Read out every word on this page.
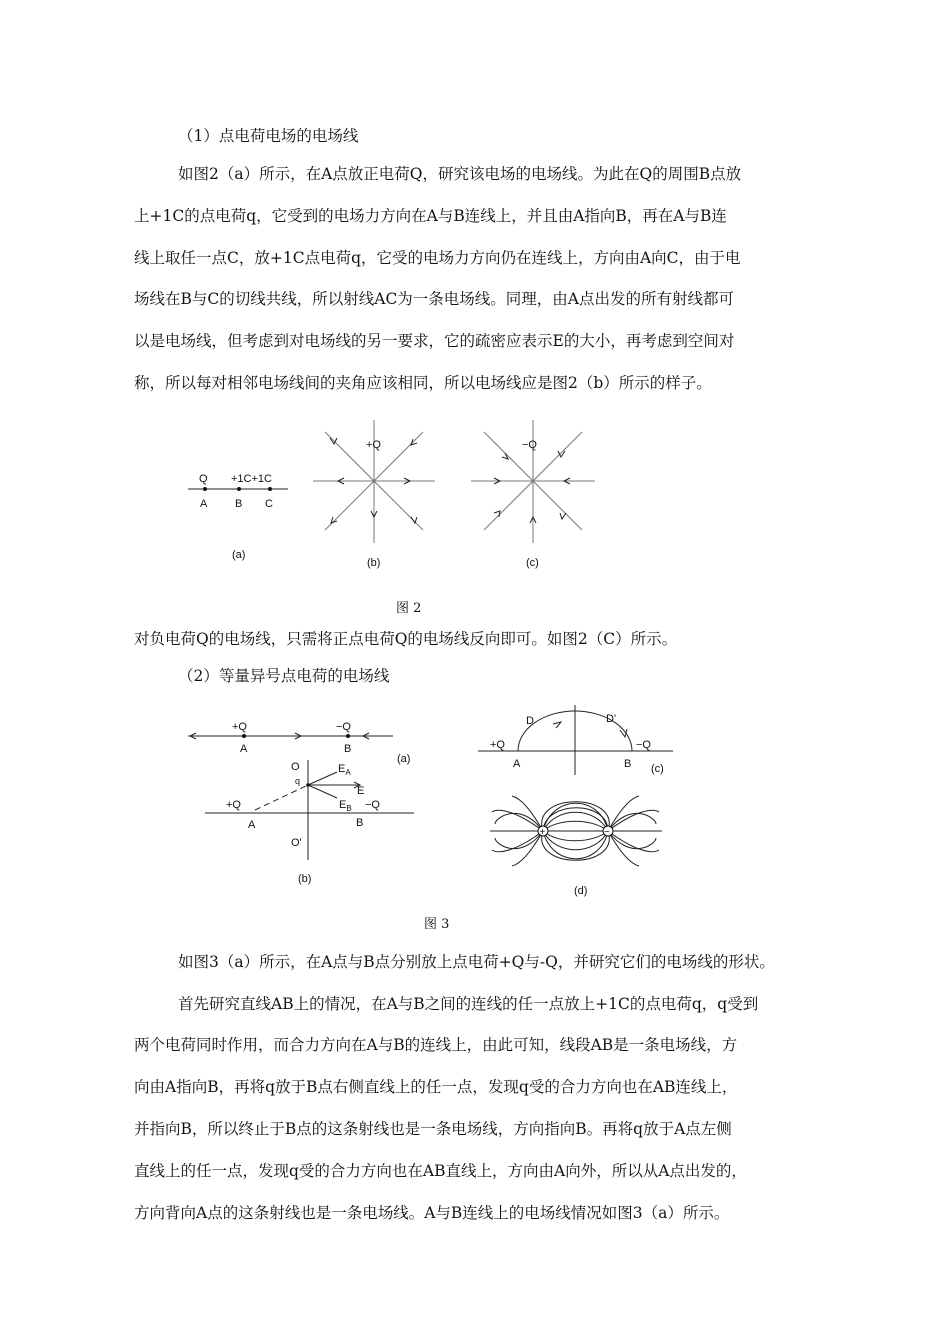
（1）点电荷电场的电场线
如图2（a）所示，在A点放正电荷Q，研究该电场的电场线。为此在Q的周围B点放
上+1C的点电荷q，它受到的电场力方向在A与B连线上，并且由A指向B，再在A与B连
线上取任一点C，放+1C点电荷q，它受的电场力方向仍在连线上，方向由A向C，由于电
场线在B与C的切线共线，所以射线AC为一条电场线。同理，由A点出发的所有射线都可
以是电场线，但考虑到对电场线的另一要求，它的疏密应表示E的大小，再考虑到空间对
称，所以每对相邻电场线间的夹角应该相同，所以电场线应是图2（b）所示的样子。
Q +1C+1C
A	B C
(a)
+Q
(b)
−Q
(c)
图 2
对负电荷Q的电场线，只需将正点电荷Q的电场线反向即可。如图2（C）所示。
（2）等量异号点电荷的电场线
+Q	−Q
A	B
(a)
O
q
$E_A$
E
$E_B -Q$
+Q
A	B
O'
(b)
D	D'
+Q	−Q
A	B (c)
+	−
(d)
图 3
如图3（a）所示，在A点与B点分别放上点电荷+Q与-Q，并研究它们的电场线的形状。
首先研究直线AB上的情况，在A与B之间的连线的任一点放上+1C的点电荷q，q受到
两个电荷同时作用，而合力方向在A与B的连线上，由此可知，线段AB是一条电场线，方
向由A指向B，再将q放于B点右侧直线上的任一点，发现q受的合力方向也在AB连线上，
并指向B，所以终止于B点的这条射线也是一条电场线，方向指向B。再将q放于A点左侧
直线上的任一点，发现q受的合力方向也在AB直线上，方向由A向外，所以从A点出发的，
方向背向A点的这条射线也是一条电场线。A与B连线上的电场线情况如图3（a）所示。
